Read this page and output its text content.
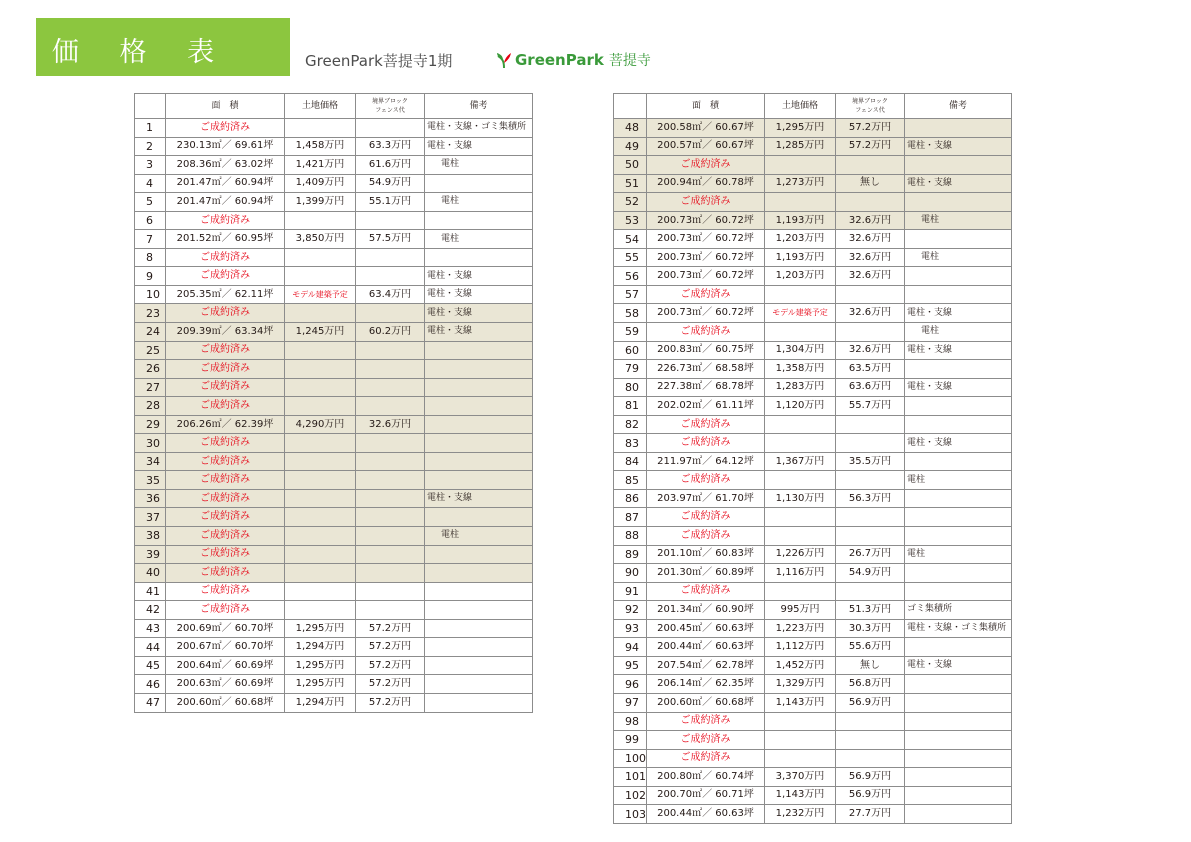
価 格 表	GreenPark菩提寺1期	GreenPark 菩提寺
	面　積	土地価格	境界ブロック
フェンス代	備考
1	ご成約済み			電柱・支線・ゴミ集積所
2	230.13㎡／ 69.61坪	1,458万円	63.3万円	電柱・支線
3	208.36㎡／ 63.02坪	1,421万円	61.6万円	電柱
4	201.47㎡／ 60.94坪	1,409万円	54.9万円	
5	201.47㎡／ 60.94坪	1,399万円	55.1万円	電柱
6	ご成約済み			
7	201.52㎡／ 60.95坪	3,850万円	57.5万円	電柱
8	ご成約済み			
9	ご成約済み			電柱・支線
10	205.35㎡／ 62.11坪	モデル建築予定	63.4万円	電柱・支線
23	ご成約済み			電柱・支線
24	209.39㎡／ 63.34坪	1,245万円	60.2万円	電柱・支線
25	ご成約済み			
26	ご成約済み			
27	ご成約済み			
28	ご成約済み			
29	206.26㎡／ 62.39坪	4,290万円	32.6万円	
30	ご成約済み			
34	ご成約済み			
35	ご成約済み			
36	ご成約済み			電柱・支線
37	ご成約済み			
38	ご成約済み			電柱
39	ご成約済み			
40	ご成約済み			
41	ご成約済み			
42	ご成約済み			
43	200.69㎡／ 60.70坪	1,295万円	57.2万円	
44	200.67㎡／ 60.70坪	1,294万円	57.2万円	
45	200.64㎡／ 60.69坪	1,295万円	57.2万円	
46	200.63㎡／ 60.69坪	1,295万円	57.2万円	
47	200.60㎡／ 60.68坪	1,294万円	57.2万円	
	面　積	土地価格	境界ブロック
フェンス代	備考
48	200.58㎡／ 60.67坪	1,295万円	57.2万円	
49	200.57㎡／ 60.67坪	1,285万円	57.2万円	電柱・支線
50	ご成約済み			
51	200.94㎡／ 60.78坪	1,273万円	無し	電柱・支線
52	ご成約済み			
53	200.73㎡／ 60.72坪	1,193万円	32.6万円	電柱
54	200.73㎡／ 60.72坪	1,203万円	32.6万円	
55	200.73㎡／ 60.72坪	1,193万円	32.6万円	電柱
56	200.73㎡／ 60.72坪	1,203万円	32.6万円	
57	ご成約済み			
58	200.73㎡／ 60.72坪	モデル建築予定	32.6万円	電柱・支線
59	ご成約済み			電柱
60	200.83㎡／ 60.75坪	1,304万円	32.6万円	電柱・支線
79	226.73㎡／ 68.58坪	1,358万円	63.5万円	
80	227.38㎡／ 68.78坪	1,283万円	63.6万円	電柱・支線
81	202.02㎡／ 61.11坪	1,120万円	55.7万円	
82	ご成約済み			
83	ご成約済み			電柱・支線
84	211.97㎡／ 64.12坪	1,367万円	35.5万円	
85	ご成約済み			電柱
86	203.97㎡／ 61.70坪	1,130万円	56.3万円	
87	ご成約済み			
88	ご成約済み			
89	201.10㎡／ 60.83坪	1,226万円	26.7万円	電柱
90	201.30㎡／ 60.89坪	1,116万円	54.9万円	
91	ご成約済み			
92	201.34㎡／ 60.90坪	995万円	51.3万円	ゴミ集積所
93	200.45㎡／ 60.63坪	1,223万円	30.3万円	電柱・支線・ゴミ集積所
94	200.44㎡／ 60.63坪	1,112万円	55.6万円	
95	207.54㎡／ 62.78坪	1,452万円	無し	電柱・支線
96	206.14㎡／ 62.35坪	1,329万円	56.8万円	
97	200.60㎡／ 60.68坪	1,143万円	56.9万円	
98	ご成約済み			
99	ご成約済み			
100	ご成約済み			
101	200.80㎡／ 60.74坪	3,370万円	56.9万円	
102	200.70㎡／ 60.71坪	1,143万円	56.9万円	
103	200.44㎡／ 60.63坪	1,232万円	27.7万円	
